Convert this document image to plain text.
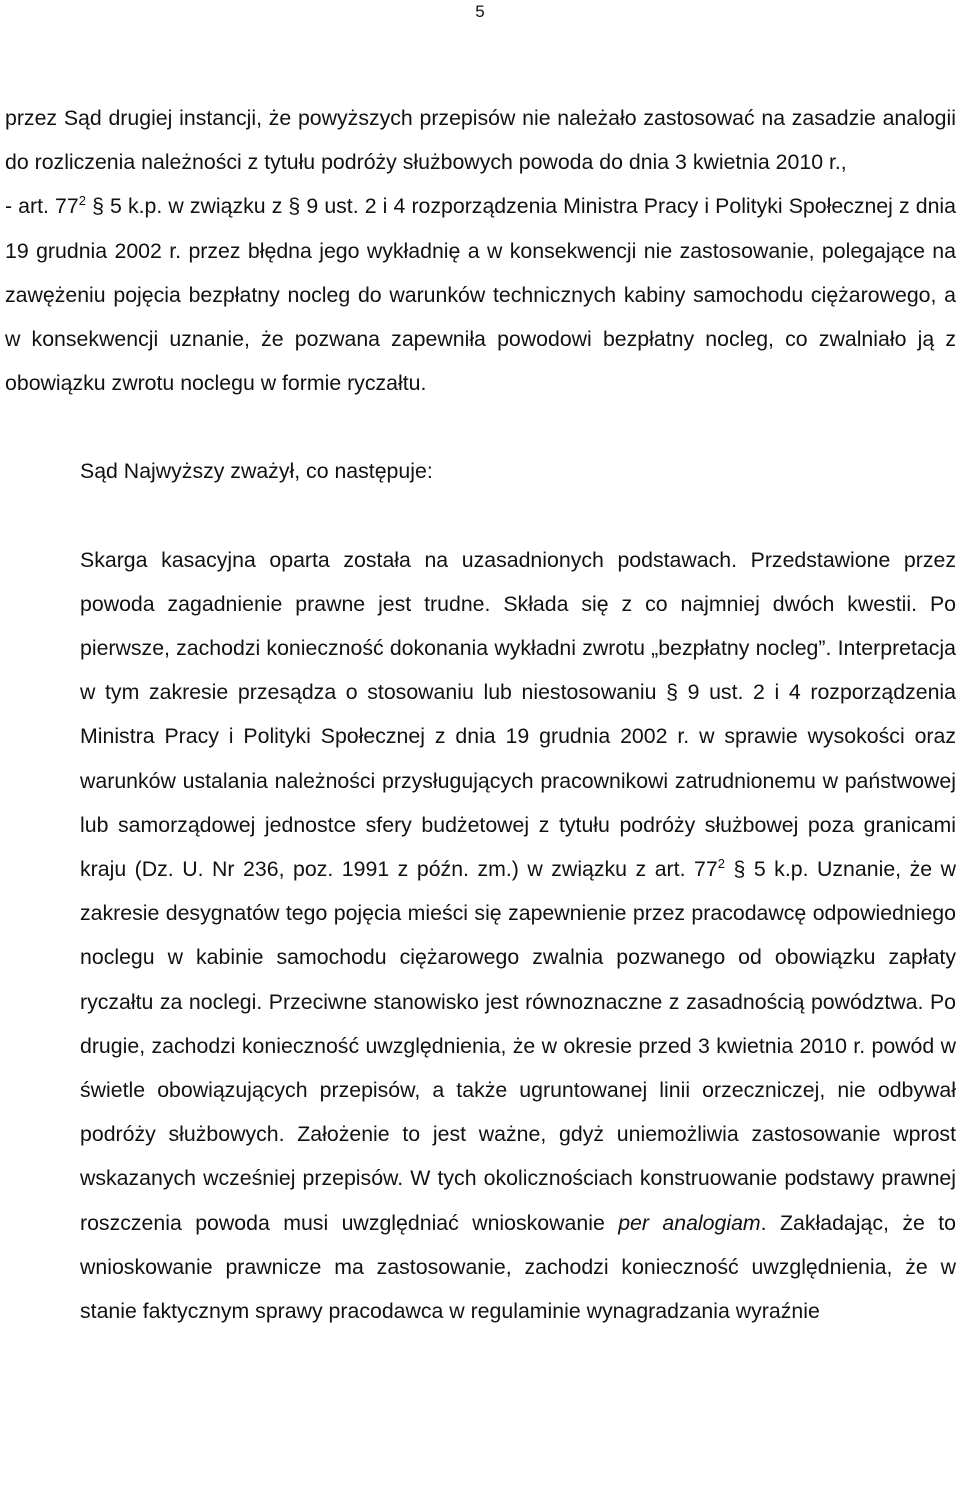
5

przez Sąd drugiej instancji, że powyższych przepisów nie należało zastosować na zasadzie analogii do rozliczenia należności z tytułu podróży służbowych powoda do dnia 3 kwietnia 2010 r.,

- art. $77^2$ § 5 k.p. w związku z § 9 ust. 2 i 4 rozporządzenia Ministra Pracy i Polityki Społecznej z dnia 19 grudnia 2002 r. przez błędna jego wykładnię a w konsekwencji nie zastosowanie, polegające na zawężeniu pojęcia bezpłatny nocleg do warunków technicznych kabiny samochodu ciężarowego, a w konsekwencji uznanie, że pozwana zapewniła powodowi bezpłatny nocleg, co zwalniało ją z obowiązku zwrotu noclegu w formie ryczałtu.

Sąd Najwyższy zważył, co następuje:

Skarga kasacyjna oparta została na uzasadnionych podstawach. Przedstawione przez powoda zagadnienie prawne jest trudne. Składa się z co najmniej dwóch kwestii. Po pierwsze, zachodzi konieczność dokonania wykładni zwrotu „bezpłatny nocleg”. Interpretacja w tym zakresie przesądza o stosowaniu lub niestosowaniu § 9 ust. 2 i 4 rozporządzenia Ministra Pracy i Polityki Społecznej z dnia 19 grudnia 2002 r. w sprawie wysokości oraz warunków ustalania należności przysługujących pracownikowi zatrudnionemu w państwowej lub samorządowej jednostce sfery budżetowej z tytułu podróży służbowej poza granicami kraju (Dz. U. Nr 236, poz. 1991 z późn. zm.) w związku z art. $77^2$ § 5 k.p. Uznanie, że w zakresie desygnatów tego pojęcia mieści się zapewnienie przez pracodawcę odpowiedniego noclegu w kabinie samochodu ciężarowego zwalnia pozwanego od obowiązku zapłaty ryczałtu za noclegi. Przeciwne stanowisko jest równoznaczne z zasadnością powództwa. Po drugie, zachodzi konieczność uwzględnienia, że w okresie przed 3 kwietnia 2010 r. powód w świetle obowiązujących przepisów, a także ugruntowanej linii orzeczniczej, nie odbywał podróży służbowych. Założenie to jest ważne, gdyż uniemożliwia zastosowanie wprost wskazanych wcześniej przepisów. W tych okolicznościach konstruowanie podstawy prawnej roszczenia powoda musi uwzględniać wnioskowanie per analogiam. Zakładając, że to wnioskowanie prawnicze ma zastosowanie, zachodzi konieczność uwzględnienia, że w stanie faktycznym sprawy pracodawca w regulaminie wynagradzania wyraźnie
